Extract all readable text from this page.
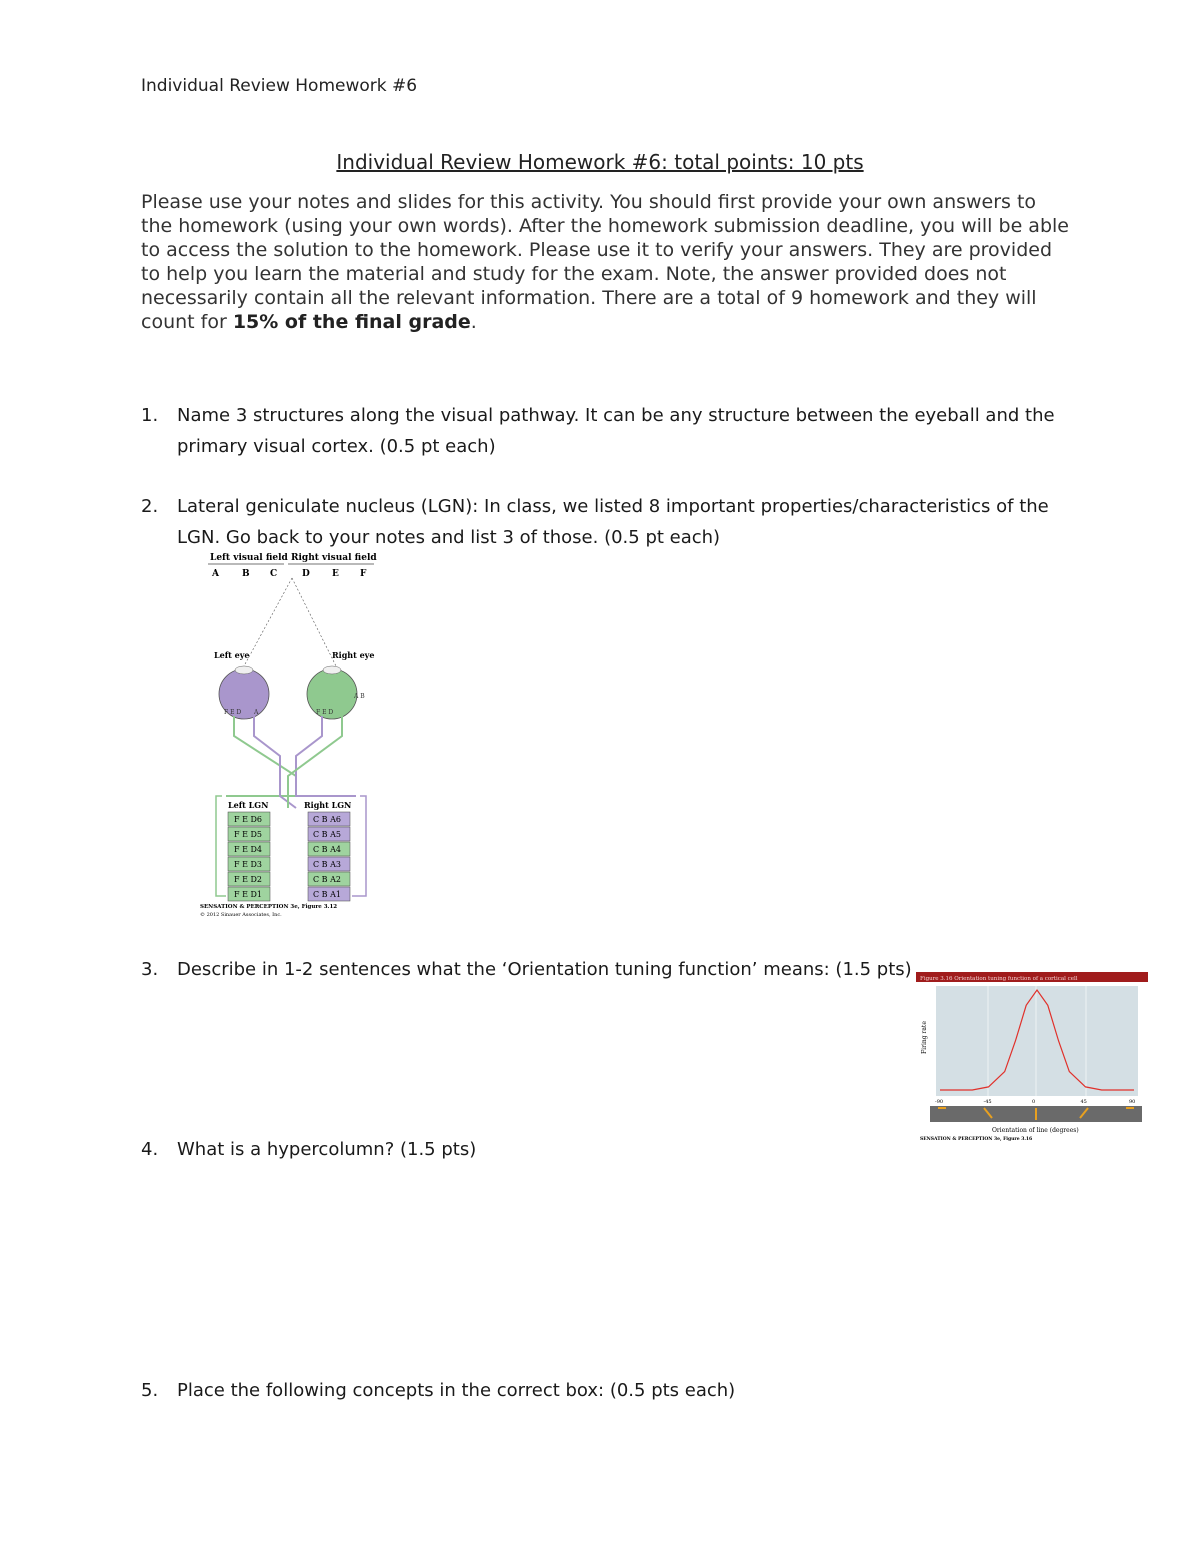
Individual Review Homework #6
Individual Review Homework #6: total points: 10 pts
Please use your notes and slides for this activity. You should first provide your own answers to the homework (using your own words). After the homework submission deadline, you will be able to access the solution to the homework. Please use it to verify your answers. They are provided to help you learn the material and study for the exam. Note, the answer provided does not necessarily contain all the relevant information. There are a total of 9 homework and they will count for 15% of the final grade.
1.	Name 3 structures along the visual pathway. It can be any structure between the eyeball and the primary visual cortex. (0.5 pt each)
2.	Lateral geniculate nucleus (LGN): In class, we listed 8 important properties/characteristics of the LGN. Go back to your notes and list 3 of those. (0.5 pt each)
Left visual field Right visual field
A	B C	D E F
Left eye	Right eye
F E D A	F E D
A B
Left LGN	Right LGN
F E D6
F E D5
F E D4
F E D3
F E D2
F E D1
C B A6
C B A5
C B A4
C B A3
C B A2
C B A1
SENSATION & PERCEPTION 3e, Figure 3.12
© 2012 Sinauer Associates, Inc.
3.	Describe in 1-2 sentences what the ‘Orientation tuning function’ means: (1.5 pts)	Figure 3.16 Orientation tuning function of a cortical cell
Firing rate
-90	-45	0	45	90
Orientation of line (degrees)
SENSATION & PERCEPTION 3e, Figure 3.16
4.	What is a hypercolumn? (1.5 pts)
5.	Place the following concepts in the correct box: (0.5 pts each)
